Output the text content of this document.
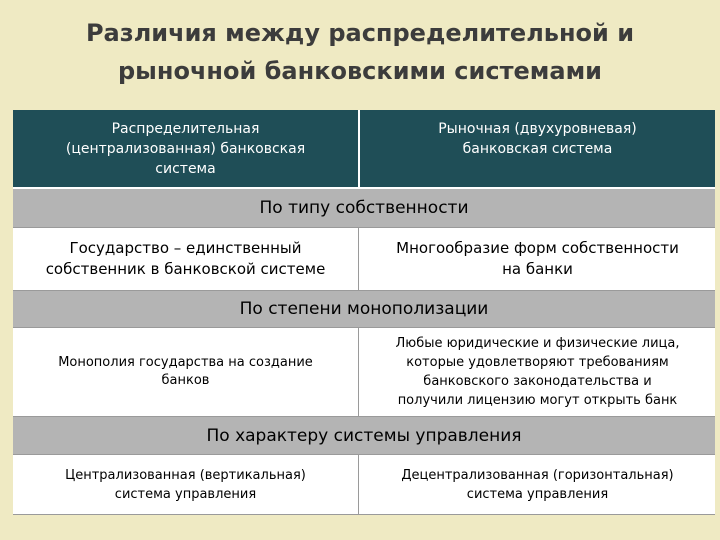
Различия между распределительной и
рыночной банковскими системами
Распределительная
(централизованная) банковская
система
Рыночная (двухуровневая)
банковская система
По типу собственности
Государство – единственный
собственник в банковской системе
Многообразие форм собственности
на банки
По степени монополизации
Монополия государства на создание
банков
Любые юридические и физические лица,
которые удовлетворяют требованиям
банковского законодательства и
получили лицензию могут открыть банк
По характеру системы управления
Централизованная (вертикальная)
система управления
Децентрализованная (горизонтальная)
система управления
